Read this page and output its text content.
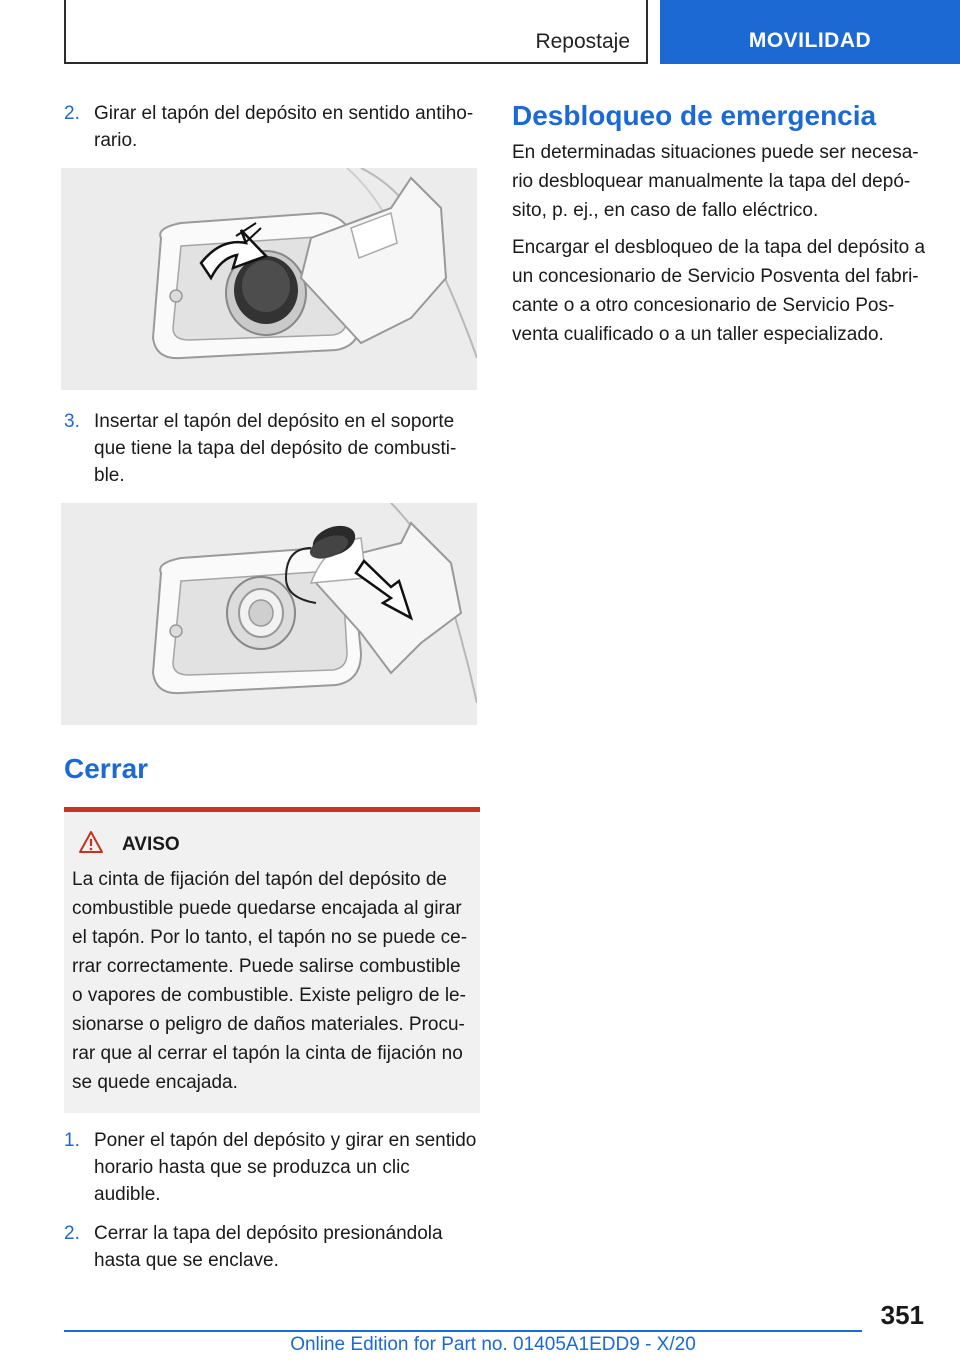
Repostaje	MOVILIDAD
2. Girar el tapón del depósito en sentido antiho-rario.
3. Insertar el tapón del depósito en el soporte que tiene la tapa del depósito de combusti-ble.
Cerrar
AVISO
La cinta de fijación del tapón del depósito de combustible puede quedarse encajada al girar el tapón. Por lo tanto, el tapón no se puede ce-rrar correctamente. Puede salirse combustible o vapores de combustible. Existe peligro de le-sionarse o peligro de daños materiales. Procu-rar que al cerrar el tapón la cinta de fijación no se quede encajada.
1. Poner el tapón del depósito y girar en sentido horario hasta que se produzca un clic audible.
2. Cerrar la tapa del depósito presionándola hasta que se enclave.
Desbloqueo de emergencia

En determinadas situaciones puede ser necesa-rio desbloquear manualmente la tapa del depó-sito, p. ej., en caso de fallo eléctrico.

Encargar el desbloqueo de la tapa del depósito a un concesionario de Servicio Posventa del fabri-cante o a otro concesionario de Servicio Pos-venta cualificado o a un taller especializado.

351
Online Edition for Part no. 01405A1EDD9 - X/20
